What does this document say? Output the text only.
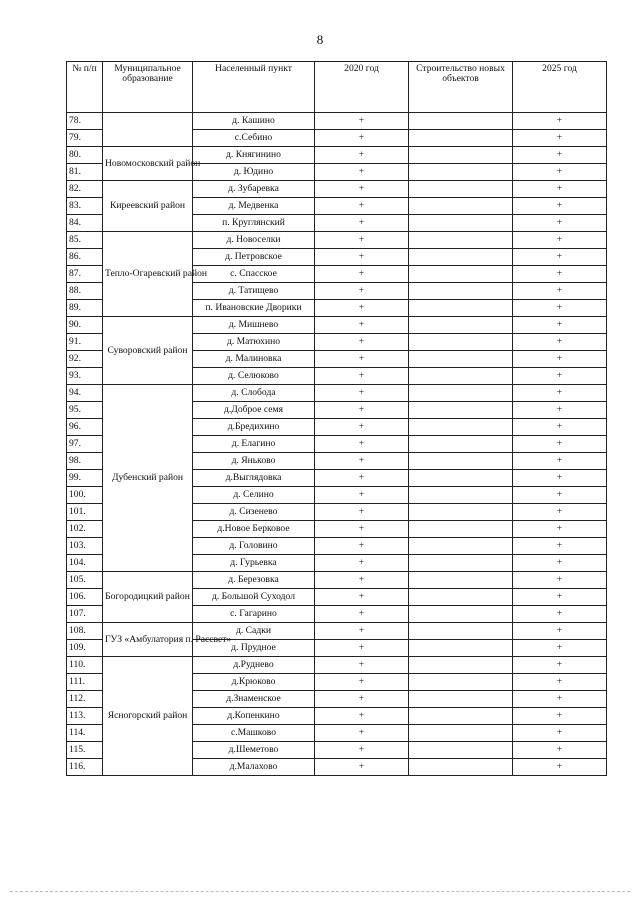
8
№ п/п	Муниципальное образование	Населенный пункт	2020 год	Строительство новых объектов	2025 год
78.		д. Кашино	+		+
79.		с.Себино	+		+
80.	Новомосковский район	д. Княгинино	+		+
81.		д. Юдино	+		+
82.	Киреевский район	д. Зубаревка	+		+
83.		д. Медвенка	+		+
84.		п. Круглянский	+		+
85.	Тепло-Огаревский район	д. Новоселки	+		+
86.		д. Петровское	+		+
87.		с. Спасское	+		+
88.		д. Татищево	+		+
89.		п. Ивановские Дворики	+		+
90.	Суворовский район	д. Мишнево	+		+
91.		д. Матюхино	+		+
92.		д. Малиновка	+		+
93.		д. Селюково	+		+
94.	Дубенский район	д. Слобода	+		+
95.		д.Доброе семя	+		+
96.		д.Бредихино	+		+
97.		д. Елагино	+		+
98.		д. Яньково	+		+
99.		д.Выглядовка	+		+
100.		д. Селино	+		+
101.		д. Сизенево	+		+
102.		д.Новое Берковое	+		+
103.		д. Головино	+		+
104.		д. Гурьевка	+		+
105.	Богородицкий район	д. Березовка	+		+
106.		д. Большой Суходол	+		+
107.		с. Гагарино	+		+
108.	ГУЗ «Амбулатория п. Рассвет»	д. Садки	+		+
109.		д. Прудное	+		+
110.	Ясногорский район	д.Руднево	+		+
111.		д.Крюково	+		+
112.		д.Знаменское	+		+
113.		д.Копенкино	+		+
114.		с.Машково	+		+
115.		д.Шеметово	+		+
116.		д.Малахово	+		+
